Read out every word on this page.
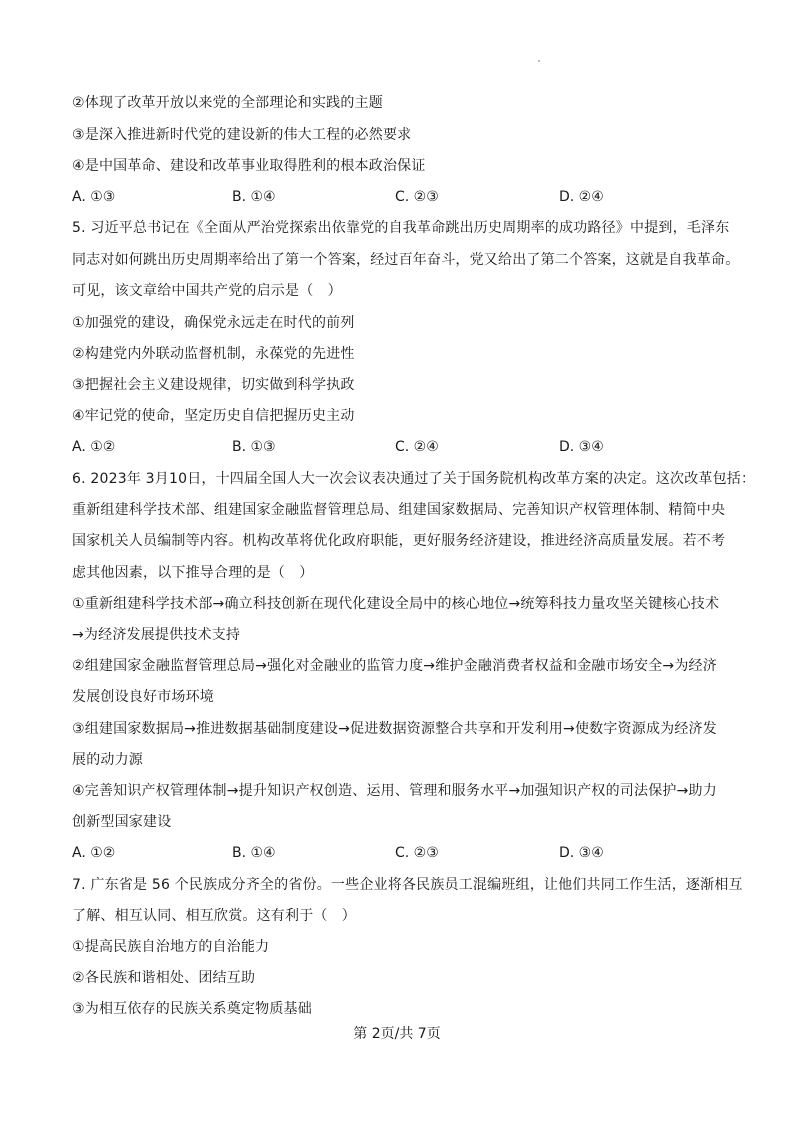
②体现了改革开放以来党的全部理论和实践的主题
③是深入推进新时代党的建设新的伟大工程的必然要求
④是中国革命、建设和改革事业取得胜利的根本政治保证
A. ①③	B. ①④	C. ②③	D. ②④
5. 习近平总书记在《全面从严治党探索出依靠党的自我革命跳出历史周期率的成功路径》中提到，毛泽东
同志对如何跳出历史周期率给出了第一个答案，经过百年奋斗，党又给出了第二个答案，这就是自我革命。
可见，该文章给中国共产党的启示是（　）
①加强党的建设，确保党永远走在时代的前列
②构建党内外联动监督机制，永葆党的先进性
③把握社会主义建设规律，切实做到科学执政
④牢记党的使命，坚定历史自信把握历史主动
A. ①②	B. ①③	C. ②④	D. ③④
6. 2023年 3月10日，十四届全国人大一次会议表决通过了关于国务院机构改革方案的决定。这次改革包括：
重新组建科学技术部、组建国家金融监督管理总局、组建国家数据局、完善知识产权管理体制、精简中央
国家机关人员编制等内容。机构改革将优化政府职能，更好服务经济建设，推进经济高质量发展。若不考
虑其他因素，以下推导合理的是（　）
①重新组建科学技术部→确立科技创新在现代化建设全局中的核心地位→统筹科技力量攻坚关键核心技术
→为经济发展提供技术支持
②组建国家金融监督管理总局→强化对金融业的监管力度→维护金融消费者权益和金融市场安全→为经济
发展创设良好市场环境
③组建国家数据局→推进数据基础制度建设→促进数据资源整合共享和开发利用→使数字资源成为经济发
展的动力源
④完善知识产权管理体制→提升知识产权创造、运用、管理和服务水平→加强知识产权的司法保护→助力
创新型国家建设
A. ①②	B. ①④	C. ②③	D. ③④
7. 广东省是 56 个民族成分齐全的省份。一些企业将各民族员工混编班组，让他们共同工作生活，逐渐相互
了解、相互认同、相互欣赏。这有利于（　）
①提高民族自治地方的自治能力
②各民族和谐相处、团结互助
③为相互依存的民族关系奠定物质基础
第 2页/共 7页
